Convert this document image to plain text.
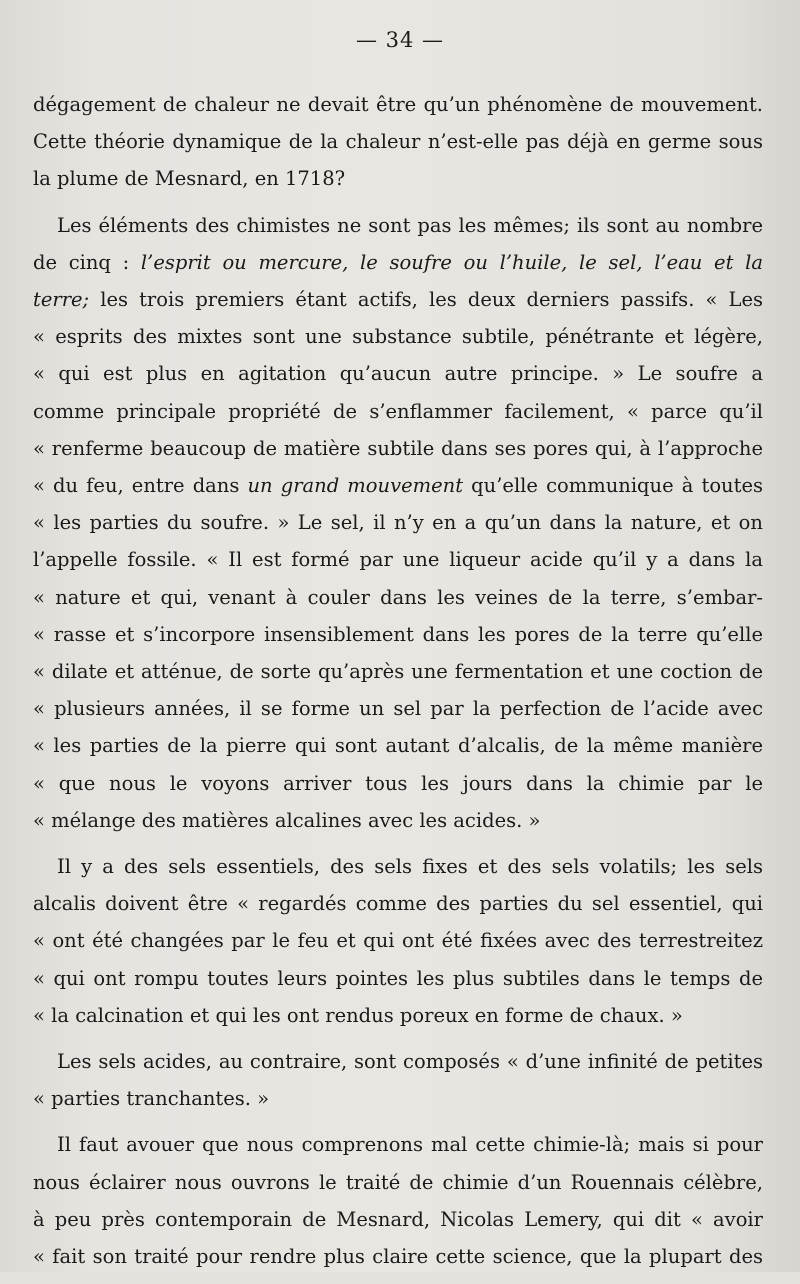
— 34 —
dégagement de chaleur ne devait être qu’un phénomène de mouvement.
Cette théorie dynamique de la chaleur n’est-elle pas déjà en germe sous
la plume de Mesnard, en 1718?
Les éléments des chimistes ne sont pas les mêmes; ils sont au nombre
de cinq : l’esprit ou mercure, le soufre ou l’huile, le sel, l’eau et la
terre; les trois premiers étant actifs, les deux derniers passifs. « Les
« esprits des mixtes sont une substance subtile, pénétrante et légère,
« qui est plus en agitation qu’aucun autre principe. » Le soufre a
comme principale propriété de s’enflammer facilement, « parce qu’il
« renferme beaucoup de matière subtile dans ses pores qui, à l’approche
« du feu, entre dans un grand mouvement qu’elle communique à toutes
« les parties du soufre. » Le sel, il n’y en a qu’un dans la nature, et on
l’appelle fossile. « Il est formé par une liqueur acide qu’il y a dans la
« nature et qui, venant à couler dans les veines de la terre, s’embar-
« rasse et s’incorpore insensiblement dans les pores de la terre qu’elle
« dilate et atténue, de sorte qu’après une fermentation et une coction de
« plusieurs années, il se forme un sel par la perfection de l’acide avec
« les parties de la pierre qui sont autant d’alcalis, de la même manière
« que nous le voyons arriver tous les jours dans la chimie par le
« mélange des matières alcalines avec les acides. »
Il y a des sels essentiels, des sels fixes et des sels volatils; les sels
alcalis doivent être « regardés comme des parties du sel essentiel, qui
« ont été changées par le feu et qui ont été fixées avec des terrestreitez
« qui ont rompu toutes leurs pointes les plus subtiles dans le temps de
« la calcination et qui les ont rendus poreux en forme de chaux. »
Les sels acides, au contraire, sont composés « d’une infinité de petites
« parties tranchantes. »
Il faut avouer que nous comprenons mal cette chimie-là; mais si pour
nous éclairer nous ouvrons le traité de chimie d’un Rouennais célèbre,
à peu près contemporain de Mesnard, Nicolas Lemery, qui dit « avoir
« fait son traité pour rendre plus claire cette science, que la plupart des
